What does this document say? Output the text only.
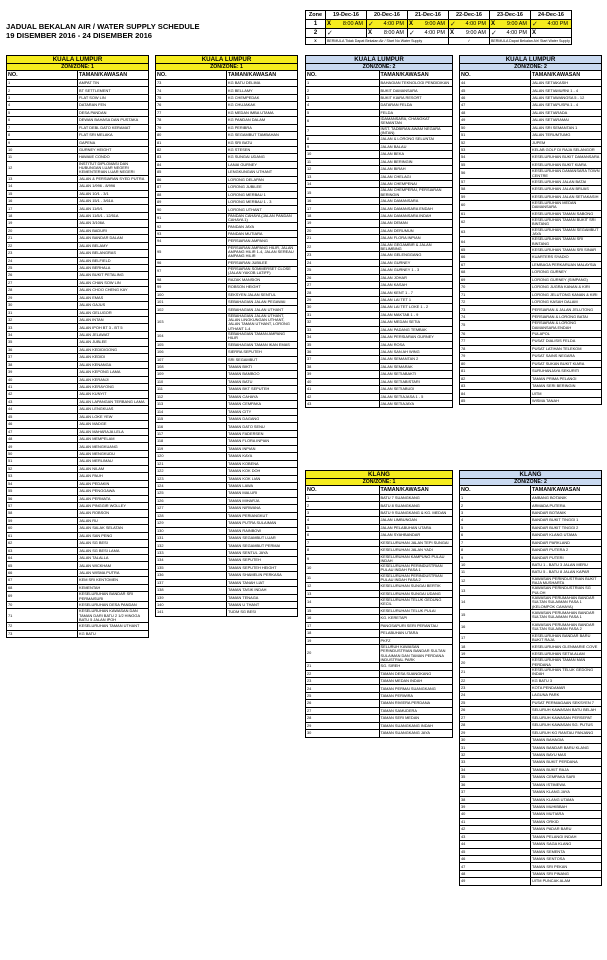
JADUAL BEKALAN AIR / WATER SUPPLY SCHEDULE
19 DISEMBER 2016 - 24 DISEMBER 2016
Zone	19-Dec-16	20-Dec-16	21-Dec-16	22-Dec-16	23-Dec-16	24-Dec-16
1	X 8:00 AM	✓ 4:00 PM	X 9:00 AM	✓ 4:00 PM	X 9:00 AM	✓ 4:00 PM

2	✓	X 8:00 AM	✓ 4:00 PM	X 9:00 AM	✓ 4:00 PM	X

X	BERMULA Tidak Dapat Bekalan Air / Start No Water Supply			✓	BERMULA Dapat Bekalan Air/ Start Water Supply	
KUALA LUMPUR	
ZON/ZONE: 1	
NO.	TAMAN/KAWASAN
1	AMPAT TIN
2	BT SETTLEMENT
3	FLAT SOW LIN
4	DATARAN FEN
5	DESA PANDAN
6	DEWAN BAHASA DAN PUSTAKA
7	FLAT DEBL DATO KERAMAT
8	FLAT SRI MELAKA
9	GAPENA
10	GURNEY HEIGHT
11	HAWAIE CONDO
12	INSTITUT DIPLOMASI DAN HUBUNGAN LUAR NEGERI KEMENTERIAN LUAR NEGERI
13	JALAN & PERSIARAN SYED PUTRA
14	JALAN 1/996 - 8/996
15	JALAN 10/1 - 3/1
16	JALAN 15/1 - 3/61A
17	JALAN 11/9/1
18	JALAN 11/5/1 - 12/51A
19	JALAN 3/106A
20	JALAN BADURI
21	JALAN BANDAR DALAM
22	JALAN BELAMY
23	JALAN BELANGRAS
24	JALAN BELFIELD
25	JALAN BERHALA
26	JALAN BUKIT PETALING
27	JALAN CHAN SOW LIN
28	JALAN CHOO CHENG KAY
29	JALAN EMAS
30	JALAN GAJUS
31	JALAN GELUGOR
32	JALAN INTAN
33	JALAN IPOH BT 3 - BT 5
34	JALAN JELAWAT
35	JALAN JUBLEE
36	JALAN KEDIDIGONG
37	JALAN KEDIDI
38	JALAN KENANGA
39	JALAN KEPONG LAMA
40	JALAN KERANJI
41	JALAN KERAYONG
42	JALAN KUNYIT
43	JALAN LAPANGAN TERBANG LAMA
44	JALAN LENGKUAS
45	JALAN LOKE YEW
46	JALAN MADGE
47	JALAN MAHARAJA LELA
48	JALAN MEMPELAM
49	JALAN MENGKUANG
50	JALAN MENGKUDU
51	JALAN MERLIMAU
52	JALAN NILAM
53	JALAN PAUH
54	JALAN PEDAKIN
55	JALAN PENGGAWA
56	JALAN PERMATA
57	JALAN PINGGIR WOLLEY
58	JALAN ROBSON
59	JALAN RU
60	JALAN SALAK SELATAN
61	JALAN SAN PENG
62	JALAN SG BESI
63	JALAN SG BESI LAMA
64	JALAN TALALLA
65	JALAN WICKHAM
66	JALAN WISMA PUTRA
67	KEM SRI KENTOMEN
68	KEMENTAH
69	KESELURUHAN BANDAR SRI PERMAISURI
70	KESELURUHAN DESA PANDAN
71	KESELURUHAN KAWASAN DAN TAMAN DARI BATU 2 1/2 HINGGA BATU 5 JALAN IPOH
72	KESELURUHAN TAMAN UTHANT
73	KG BATU
KUALA LUMPUR	
ZON/ZONE: 1	
NO.	TAMAN/KAWASAN
73	KG BATU DELIMA
74	KG BELLAMY
75	KG CHEMPEDAK
76	KG CHUJAKAK
77	KG MEDAN IMBA UTAMA
78	KG PANDAN DALAM
79	KG PERIBRA
80	KG SEGAMBUT TAMBAHAN
81	KG SRI BATU
82	KG STESEN
83	KG SUNGAI UDANG
84	LANAI GURNEY
85	LENGKUNGAN UTHANT
86	LORONG DELAPAN
87	LORONG JUBILEE
88	LORONG MERBAU 1
89	LORONG MERBAU 1 - 3
90	LORONG UTHANT
91	PANDAN CAHAYA (JALAN PANDAN CAHAYA 1)
92	PANDAN JAYA
93	PANDAN MUTIARA
94	PERSIARAN AMPANG
95	PERSIARAN AMPANG HILIR, JALAN AMPANG HILIR 1-4, JALAN SEREAU AMPANG HILIR
96	PERSIARAN JUBILEE
97	PERSIARAN SOMMERSET CLOSE (JALAN YAKOB LATIFF)
98	RAZAK MANSION
99	ROBSON HEIGHT
100	SEKSYEN JALAN SENTUL
101	SEBAHAGIAN JALAN PEGAWAI
102	SEBAHAGIAN JALAN UTHANT
103	SEBAHAGIAN JALAN UTHANT, JALAN LINGKUNGAN UTHANT, JALAN TAMAN UTHANT, LORONG UTHANT 1-4
104	SEBAHAGIAN TAMAN AMPANG HILIR
105	SEBAHAGIAN TAMAN IKAN EMAS
106	SIERRA SEPUTEH
107	SRI SEGAMBUT
108	TAMAN BIKTI
109	TAMAN BAMBOO
110	TAMAN BATU
111	TAMAN BKT SEPUTEH
112	TAMAN CAHAYA
113	TAMAN CEMPAKA
114	TAMAN CITY
115	TAMAN DAGANG
116	TAMAN DATO SENU
117	TAMAN FADERSEN
118	TAMAN FLORA INPIAN
119	TAMAN INPIAN
120	TAMAN KAYA
121	TAMAN KOBENA
122	TAMAN KOK DOH
123	TAMAN KOK LIAN
124	TAMAN LAWA
125	TAMAN MALURI
126	TAMAN MIHARJA
127	TAMAN NIRWANA
128	TAMAN PERIANGKUT
129	TAMAN PUTRA SULAIMAN
130	TAMAN RAINBOW
131	TAMAN SEGAMBUT LUAR
132	TAMAN SEGAMBUT PERMAI
133	TAMAN SENTUL JAYA
134	TAMAN SEPUTEH
135	TAMAN SEPUTEH HEIGHT
136	TAMAN SHAMELIN PERKASA
137	TAMAN TANAH LIAT
138	TAMAN TASIK INDAH
139	TAMAN TENAGA
140	TAMAN U THANT
141	TUDM SG BESI
KUALA LUMPUR	
ZON/ZONE: 2	
NO.	TAMAN/KAWASAN
1	BAHAGIAN TEKNOLOGI PENDIDIKAN
2	BUKIT DAMANSARA
3	BUKIT KIARA RESORT
4	DATARAN FELDA
5	FELDA
6	IDAMANSARA, CHANGKAT SEMANTAN
7	INST. TADBIRAN AWAM NEGARA (INTAN)
8	JALAN & LORONG SELUNTAI
9	JALAN BALAU
10	JALAN BEKA
11	JALAN BERINGIN
12	JALAN BIRAH
13	JALAN CHELAGI
14	JALAN CHEMPENAI
15	JALAN CHEMPERAI, PERSIARAN BERINGIN
16	JALAN DAMANSARA
17	JALAN DAMANSARA ENDAH
18	JALAN DAMANSARA INDAH
19	JALAN DEMAN
20	JALAN DERUMUN
21	JALAN FLORA INPIAN
22	JALAN GEGAMBIR & JALAN BELIMBING
23	JALAN GELENGGANG
24	JALAN GURNEY
25	JALAN GURNEY 1 - 3
26	JALAN JOHAR
27	JALAN KASAH
28	JALAN KENT 1 - 7
29	JALAN LAI TET 1
30	JALAN LAI TET LOKE 1 - 2
31	JALAN MAKTAB 1 - 9
32	JALAN MEDAN SETIA
33	JALAN PADANG TEMBAK
34	JALAN PERSIARAN GURNEY
35	JALAN ROSA
36	JALAN SAN AH WING
37	JALAN SEMANTAN 2
38	JALAN SEMARAK
39	JALAN SETIABAKTI
40	JALAN SETIABISTARI
41	JALAN SETIABUDI
42	JALAN SETIAJASA 1 - 5
43	JALAN SETIAJAYA
KUALA LUMPUR	
ZON/ZONE: 2	
NO.	TAMAN/KAWASAN
44	JALAN SETIAKASIH
45	JALAN SETIAMURNI 1 - 4
46	JALAN SETIAWANGSA 5 - 12
47	JALAN SETIAPUSPA 1 - 4
48	JALAN SETIARADA
49	JALAN SETIARAMAI
50	JALAN SRI SEMANTAN 1
51	JALAN TERUMTUMG
52	JUPEM
53	KELAB GOLF DI RAJA SELANGOR
54	KESELURUHAN BUKIT DAMANSARA
55	KESELURUHAN BUKIT KIARA
56	KESELURUHAN DAMANSARA TOWN CENTRE
57	KESELURUHAN JALAN BATAI
58	KESELURUHAN JALAN BRUAS
59	KESELURUHAN JALAN SETIAKASIH
60	KESELURUHAN MEDAN DAMANSARA
61	KESELURUHAN TAMAN SABONG
62	KESELURUHAN TAMAN BUKIT SRI BINTANG
63	KESELURUHAN TAMAN SEGAMBUT JAYA
64	KESELURUHAN TAMAN SRI BINTANG
65	KESELURUHAN TAMAN SRI SINAR
66	KUARTERS SYADIO
67	LEMBAGA PERKARUAN MALAYSIA
68	LORONG GURNEY
69	LORONG GURNEY (SIMPANG)
70	LORONG JUGRA KANAN & KIRI
71	LORONG JELUTONG KANAN & KIRI
72	LORONG KASAH DALAM
73	PERSIARAN & JALAN JELUTONG
74	PERSIARAN & LORONG BATAI
75	PERSIARAN & LORONG DAMANSARA ENDAH
76	PULAPOL
77	PUSAT DIALISIS FELDA
78	PUSAT LATIHAN TELEKOM
79	PUSAT SAINS NEGARA
80	PUSAT SUKAN BUKIT KIARA
81	SURUHANJAYA SEKURITI
82	TAMAN PRIMA PELANGI
83	TAMAN SERI BERINGIN
84	UITM
85	WISMA TANAH
KLANG	
ZON/ZONE: 1	
NO.	TAMAN/KAWASAN
1	BATU 7 SUANGKANG
2	BATU 8 SUANGKANG
3	BATU 9 SUANGKANG & KG. MEDAN
4	JALAN LIMBUNGAN
5	JALAN PELABUHAN UTARA
6	JALAN SYAHBANDAR
7	KESELURUHAN JALAN TEPI SUNGAI
8	KESELURUHAN JALAN YADI
9	KESELURUHAN KAMPUNG PULAU INDAH
10	KESELURUHAN PERINDUSTRIAN PULAU INDAH FASA 1
11	KESELURUHAN PERINDUSTRIAN PULAU INDAH FASA 2
12	KESELURUHAN SUNGAI BERTIK
13	KESELURUHAN SUNGAI UDANG
14	KESELURUHAN TELUK GEDUNG KECIL
15	KESELURUHAN TELUK PULAI
16	KG. KERETAPI
17	PANGSAPURI SERI PERANTAU
18	PELABUHAN UTARA
19	PKFZ
20	SELURUH KAWASAN PERINDUSTRIAN BANDAR SULTAN SULAIMAN DAN TAMAN PERDANA INDUSTRIAL PARK
21	SG. SIREH
22	TAMAN DESA SUANGKANG
23	TAMAN MEDAN INDAH
24	TAMAN PERMAI SUANGKANG
25	TAMAN PERWIRA
26	TAMAN RIVIERA PERDANA
27	TAMAN SAMUDERA
28	TAMAN SERI MEDAN
29	TAMAN SUANGKANG INDAH
30	TAMAN SUANGKANG JAYA
KLANG	
ZON/ZONE: 2	
NO.	TAMAN/KAWASAN
1	AMBANG BOTANIK
2	ARMADA PUTERA
3	BANDAR BOTANIK
4	BANDAR BUKIT TINGGI 1
5	BANDAR BUKIT TINGGI 2
6	BANDAR KLANG UTAMA
7	BANDAR PARKLAND
8	BANDAR PUTERA 2
9	BANDAR PUTERI
10	BATU 1 - BATU 3 JALAN MERU
11	BATU 5 - BATU 8 JALAN KAPAR
12	KAWASAN PERINDUSTRIAN BUKIT RAJA MUSHARTA
13	KAWASAN PERINDUSTRIAN SG PULOH
14	KAWASAN PERUMAHAN BANDAR SULTAN SULAIMAN FASA 1 (KELOMPOK CAHAYA)
15	KAWASAN PERUMAHAN BANDAR SULTAN SULAIMAN FASA 1
16	KAWASAN PERUMAHAN BANDAR SULTAN SULAIMAN FASA 2
17	KESELURUHAN BANDAR BARU BUKIT RAJA
18	KESELURUHAN GLENMARIE COVE
19	KESELURUHAN SETIA ALAM
20	KESELURUHAN TAMAN MAN PERDANA
21	KESELURUHAN TELUK GEDONG INDAH
22	KG BATU 3
23	KOTA PENDAMAR
24	LAGUNA PARK
25	PUSAT PERNIAGAAN SEKSYEN 7
26	SELURUH KAWASAN BATU BELAH
27	SELURUH KAWASAN PERSEPAT
28	SELURUH KAWASAN SG. PUTUS
29	SELURUH KG RANTAU PANJANG
30	TAMAN BAHAGIA
31	TAMAN BANDAR BARU KLANG
32	TAMAN BAYU MAS
33	TAMAN BUKIT PERDANA
34	TAMAN BUKIT RAJA
35	TAMAN CEMPAKA SARI
36	TAMAN ISTIMEWA
37	TAMAN KLANG JAYA
38	TAMAN KLANG UTAMA
39	TAMAN MUHIBBAH
40	TAMAN MUTIARA
41	TAMAN ORKID
42	TAMAN PADAR BARU
43	TAMAN PELANGI INDAH
44	TAMAN SAGA KLANG
45	TAMAN SEMENTA
46	TAMAN SENTOSA
47	TAMAN SRI PEKAN
48	TAMAN SRI PINANG
49	UITM PUNCAK ALAM
